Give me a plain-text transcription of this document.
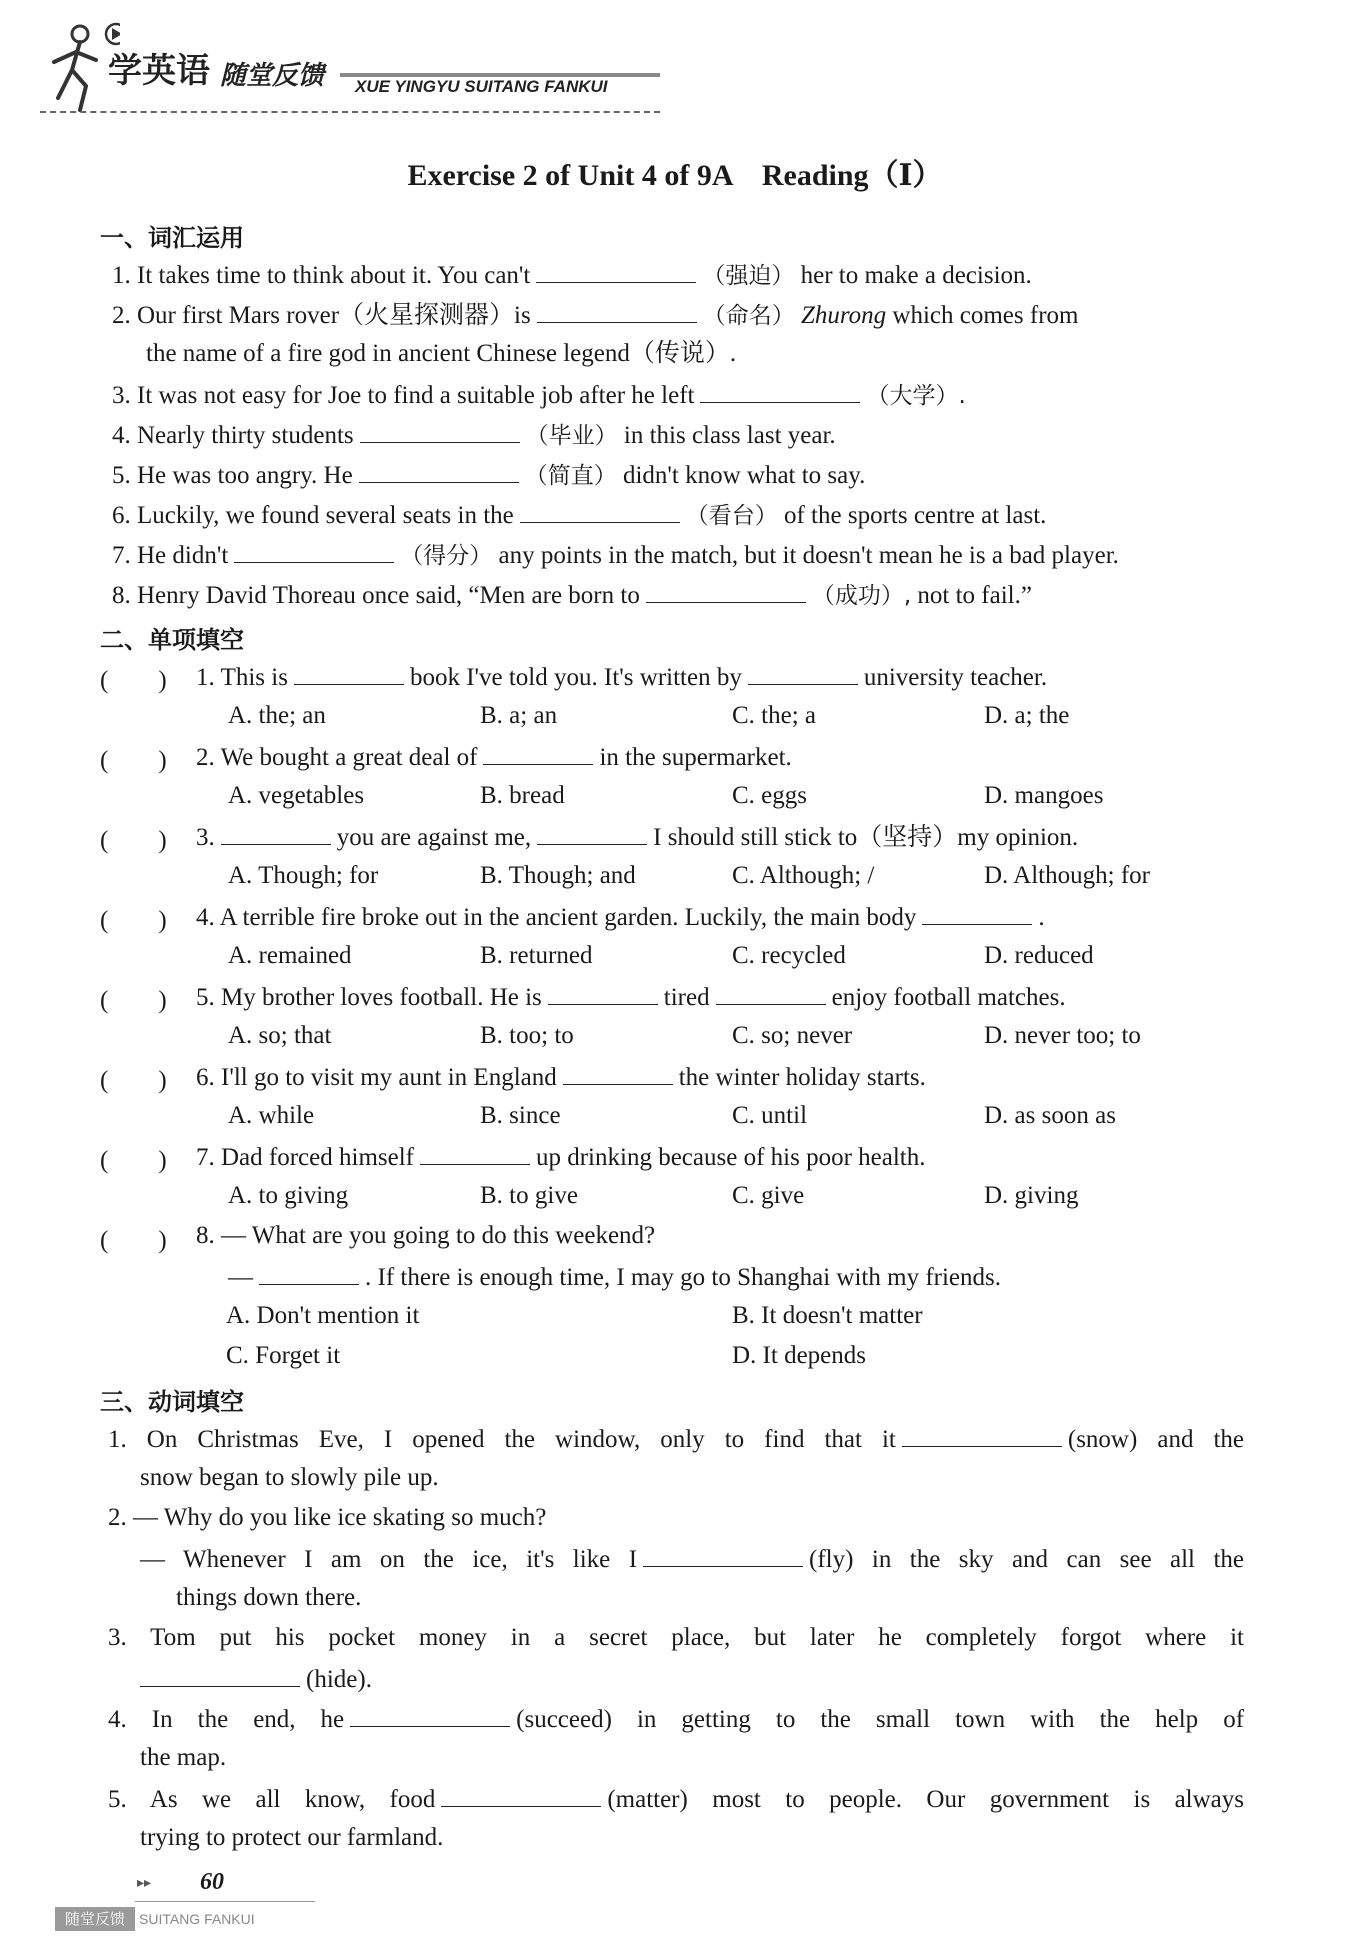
学英语 随堂反馈 XUE YINGYU SUITANG FANKUI
Exercise 2 of Unit 4 of 9A　Reading（Ⅰ）
一、词汇运用
1. It takes time to think about it. You can't	（强迫） her to make a decision.
2. Our first Mars rover（火星探测器）is	（命名） Zhurong which comes from
the name of a fire god in ancient Chinese legend（传说）.
3. It was not easy for Joe to find a suitable job after he left	（大学）.
4. Nearly thirty students	（毕业） in this class last year.
5. He was too angry. He	（简直） didn't know what to say.
6. Luckily, we found several seats in the	（看台） of the sports centre at last.
7. He didn't	（得分） any points in the match, but it doesn't mean he is a bad player.
8. Henry David Thoreau once said, “Men are born to	（成功）, not to fail.”
二、单项填空
(　　) 1. This is	book I've told you. It's written by	university teacher.
A. the; an	B. a; an	C. the; a	D. a; the
(　　) 2. We bought a great deal of	in the supermarket.
A. vegetables	B. bread	C. eggs	D. mangoes
(　　) 3.	you are against me,	I should still stick to（坚持）my opinion.
A. Though; for	B. Though; and	C. Although; /	D. Although; for
(　　) 4. A terrible fire broke out in the ancient garden. Luckily, the main body	.
A. remained	B. returned	C. recycled	D. reduced
(　　) 5. My brother loves football. He is	tired	enjoy football matches.
A. so; that	B. too; to	C. so; never	D. never too; to
(　　) 6. I'll go to visit my aunt in England	the winter holiday starts.
A. while	B. since	C. until	D. as soon as
(　　) 7. Dad forced himself	up drinking because of his poor health.
A. to giving	B. to give	C. give	D. giving
(　　) 8. — What are you going to do this weekend?
—	. If there is enough time, I may go to Shanghai with my friends.
A. Don't mention it	B. It doesn't matter
C. Forget it	D. It depends
三、动词填空
1. On Christmas Eve, I opened the window, only to find that it	(snow) and the
snow began to slowly pile up.
2. — Why do you like ice skating so much?
— Whenever I am on the ice, it's like I	(fly) in the sky and can see all the
things down there.
3. Tom put his pocket money in a secret place, but later he completely forgot where it
(hide).
4. In the end, he	(succeed) in getting to the small town with the help of
the map.
5. As we all know, food	(matter) most to people. Our government is always
trying to protect our farmland.
▸▸ 60
随堂反馈	SUITANG FANKUI
